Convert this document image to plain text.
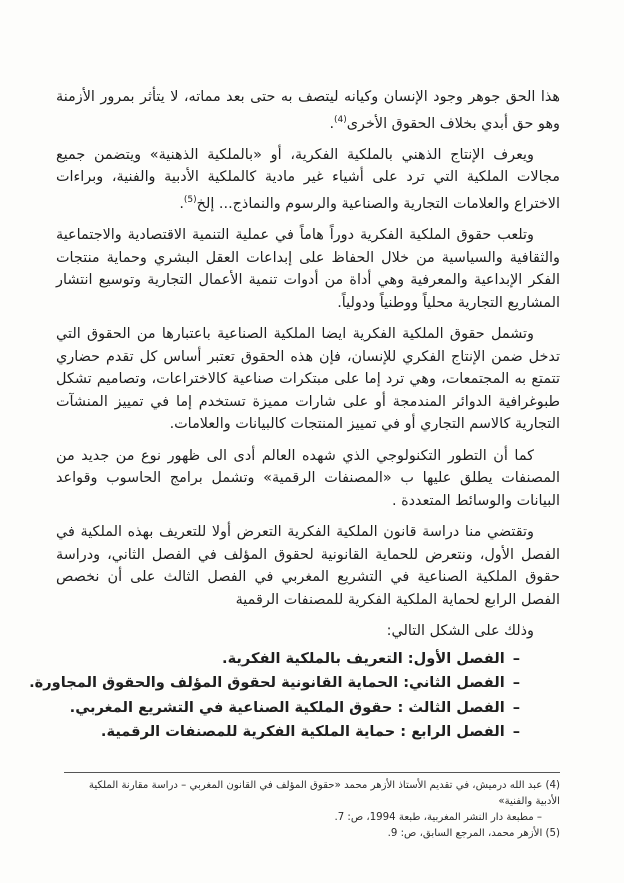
هذا الحق جوهر وجود الإنسان وكيانه ليتصف به حتى بعد مماته، لا يتأثر بمرور الأزمنة وهو حق أبدي بخلاف الحقوق الأخرى$^{(4)}$.

ويعرف الإنتاج الذهني بالملكية الفكرية، أو «بالملكية الذهنية» ويتضمن جميع مجالات الملكية التي ترد على أشياء غير مادية كالملكية الأدبية والفنية، وبراءات الاختراع والعلامات التجارية والصناعية والرسوم والنماذج... إلخ$^{(5)}$.

وتلعب حقوق الملكية الفكرية دوراً هاماً في عملية التنمية الاقتصادية والاجتماعية والثقافية والسياسية من خلال الحفاظ على إبداعات العقل البشري وحماية منتجات الفكر الإبداعية والمعرفية وهي أداة من أدوات تنمية الأعمال التجارية وتوسيع انتشار المشاريع التجارية محلياً ووطنياً ودولياً.

وتشمل حقوق الملكية الفكرية ايضا الملكية الصناعية باعتبارها من الحقوق التي تدخل ضمن الإنتاج الفكري للإنسان، فإن هذه الحقوق تعتبر أساس كل تقدم حضاري تتمتع به المجتمعات، وهي ترد إما على مبتكرات صناعية كالاختراعات، وتصاميم تشكل طبوغرافية الدوائر المندمجة أو على شارات مميزة تستخدم إما في تمييز المنشآت التجارية كالاسم التجاري أو في تمييز المنتجات كالبيانات والعلامات.

كما أن التطور التكنولوجي الذي شهده العالم أدى الى ظهور نوع من جديد من المصنفات يطلق عليها ب «المصنفات الرقمية» وتشمل برامج الحاسوب وقواعد البيانات والوسائط المتعددة .

وتقتضي منا دراسة قانون الملكية الفكرية التعرض أولا للتعريف بهذه الملكية في الفصل الأول، ونتعرض للحماية القانونية لحقوق المؤلف في الفصل الثاني، ودراسة حقوق الملكية الصناعية في التشريع المغربي في الفصل الثالث على أن نخصص الفصل الرابع لحماية الملكية الفكرية للمصنفات الرقمية

وذلك على الشكل التالي:
–الفصل الأول: التعريف بالملكية الفكرية.
–الفصل الثاني: الحماية القانونية لحقوق المؤلف والحقوق المجاورة.
–الفصل الثالث : حقوق الملكية الصناعية في التشريع المغربي.
–الفصل الرابع : حماية الملكية الفكرية للمصنفات الرقمية.

(4) عبد الله درميش، في تقديم الأستاذ الأزهر محمد «حقوق المؤلف في القانون المغربي – دراسة مقارنة الملكية الأدبية والفنية»

– مطبعة دار النشر المغربية، طبعة 1994، ص: 7.

(5) الأزهر محمد، المرجع السابق، ص: 9.
